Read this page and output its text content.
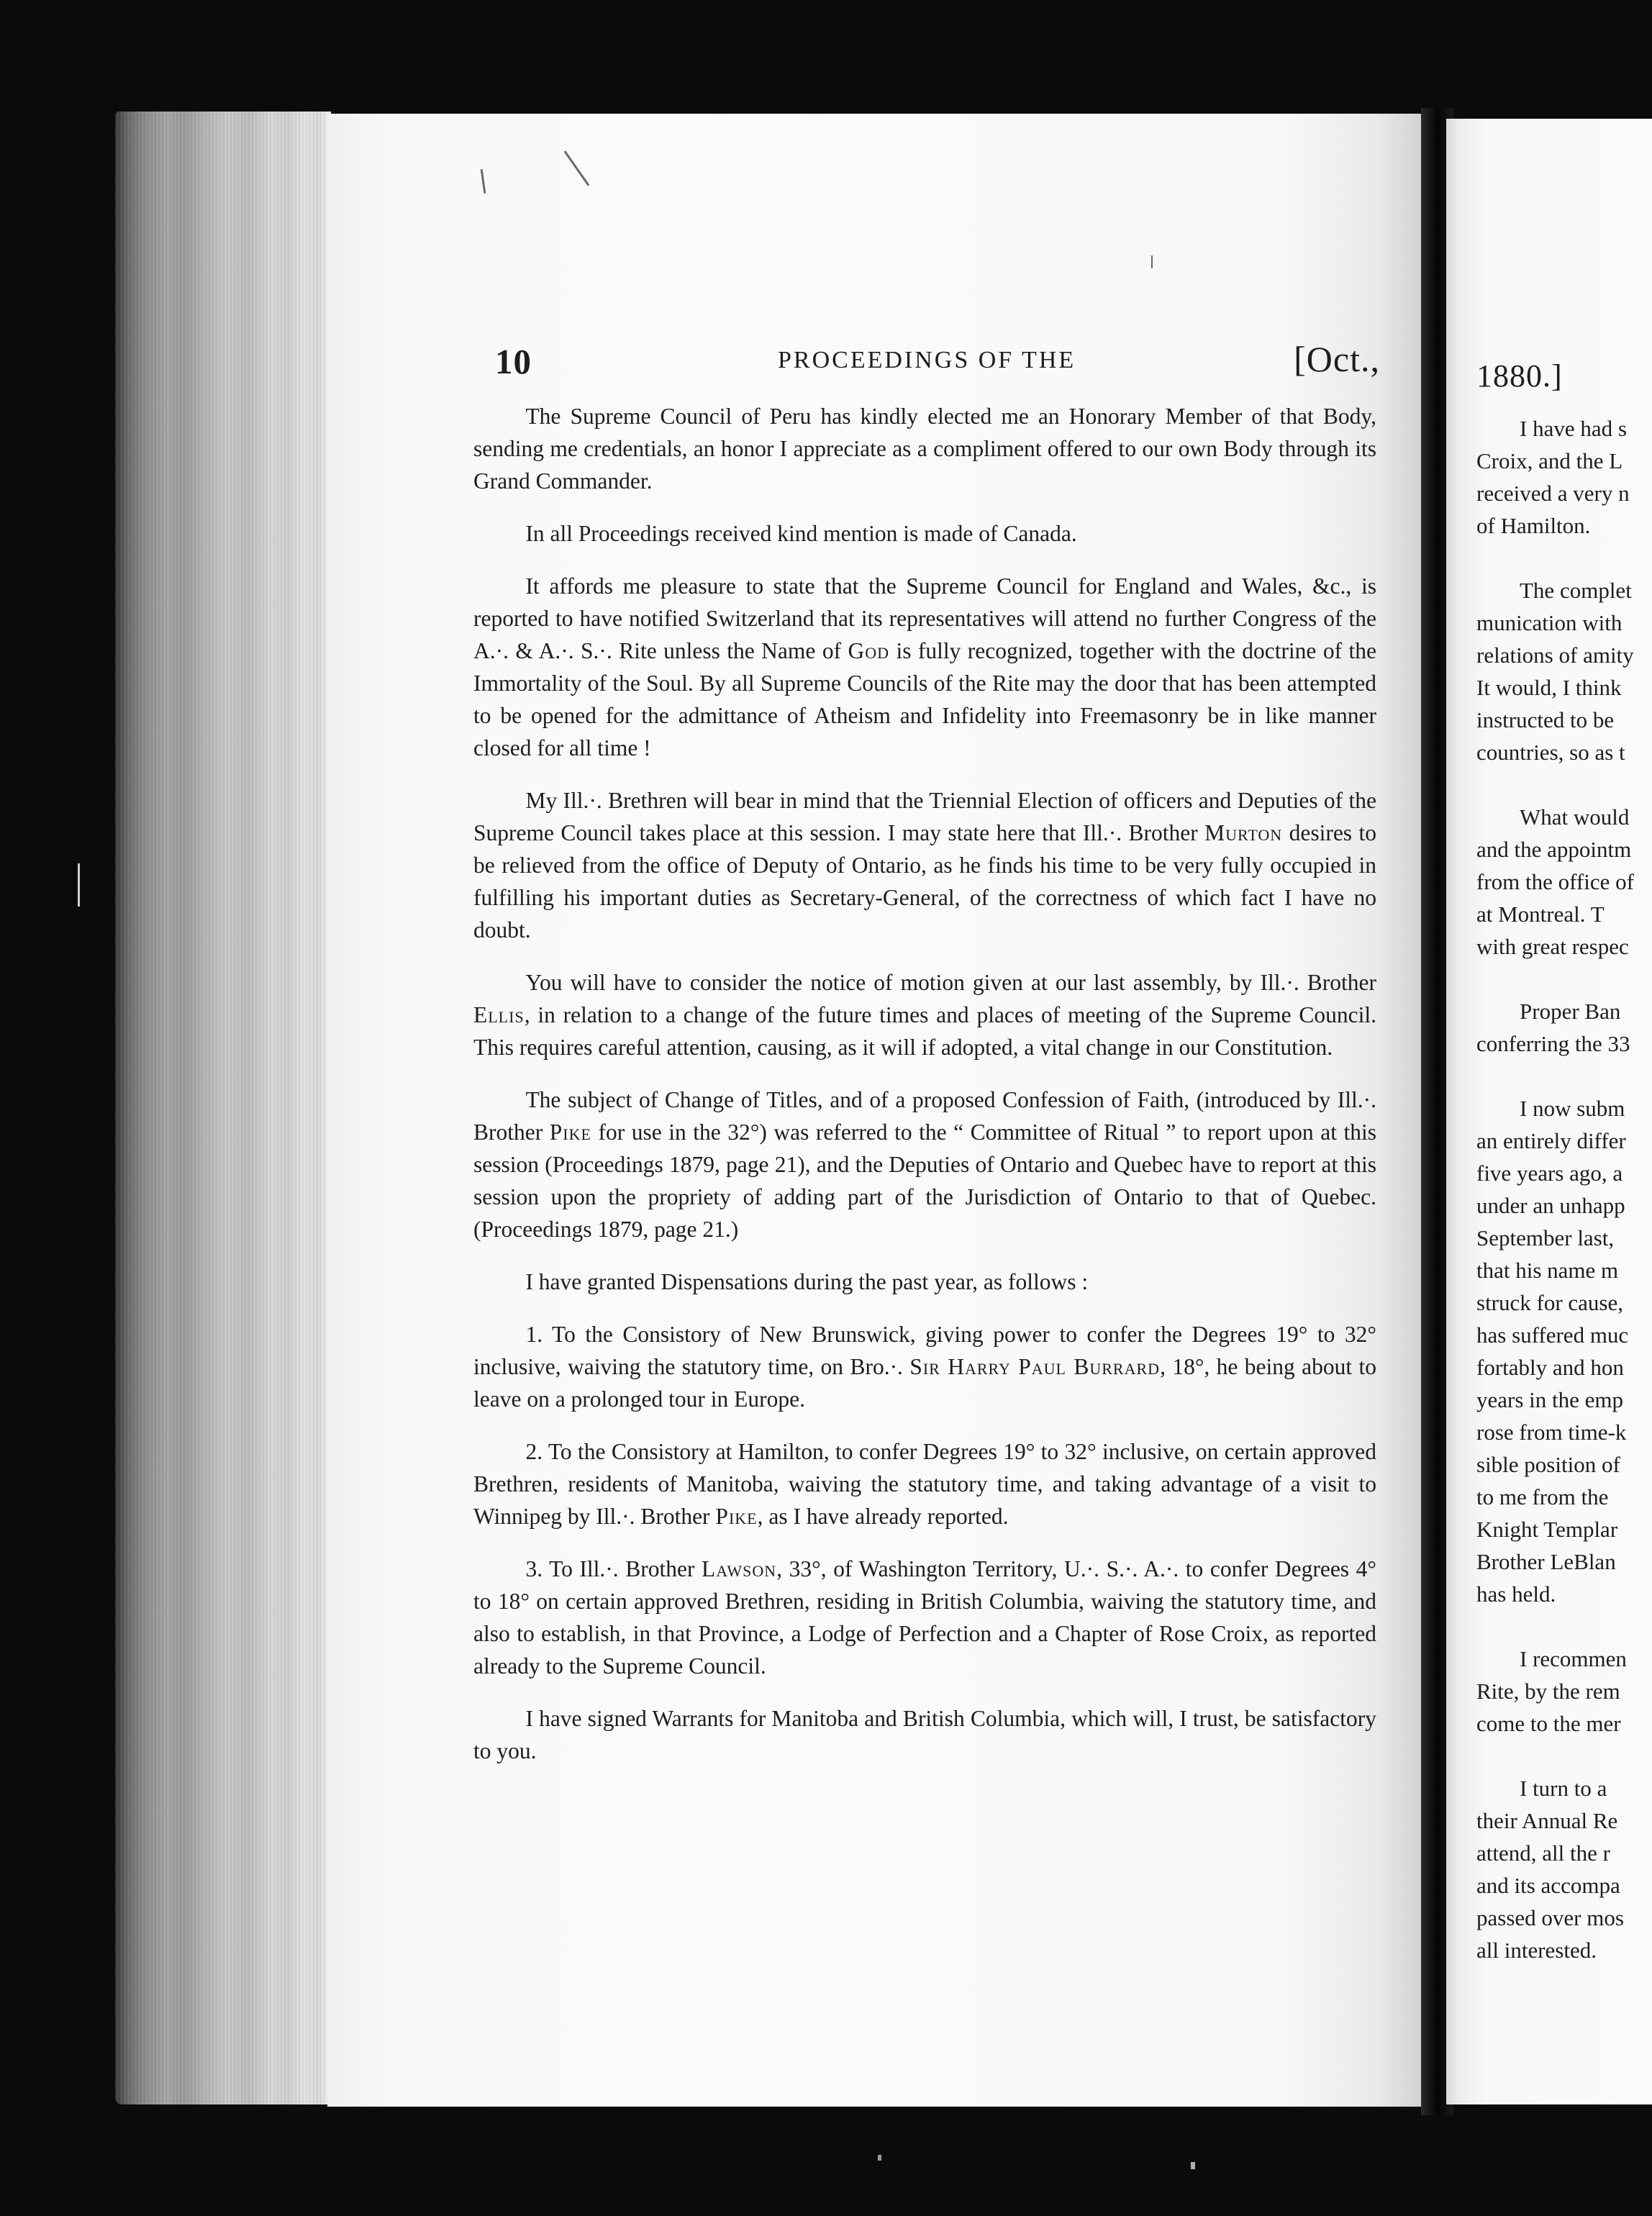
10	PROCEEDINGS OF THE	[Oct.,

The Supreme Council of Peru has kindly elected me an Honorary Member of that Body, sending me credentials, an honor I appreciate as a compliment offered to our own Body through its Grand Commander.

In all Proceedings received kind mention is made of Canada.

It affords me pleasure to state that the Supreme Council for England and Wales, &c., is reported to have notified Switzerland that its representatives will attend no further Congress of the A.·. & A.·. S.·. Rite unless the Name of God is fully recognized, together with the doctrine of the Immortality of the Soul. By all Supreme Councils of the Rite may the door that has been attempted to be opened for the admittance of Atheism and Infidelity into Freemasonry be in like manner closed for all time !

My Ill.·. Brethren will bear in mind that the Triennial Election of officers and Deputies of the Supreme Council takes place at this session. I may state here that Ill.·. Brother Murton desires to be relieved from the office of Deputy of Ontario, as he finds his time to be very fully occupied in fulfilling his important duties as Secretary-General, of the correctness of which fact I have no doubt.

You will have to consider the notice of motion given at our last assembly, by Ill.·. Brother Ellis, in relation to a change of the future times and places of meeting of the Supreme Council. This requires careful attention, causing, as it will if adopted, a vital change in our Constitution.

The subject of Change of Titles, and of a proposed Confession of Faith, (introduced by Ill.·. Brother Pike for use in the 32°) was referred to the “ Committee of Ritual ” to report upon at this session (Proceedings 1879, page 21), and the Deputies of Ontario and Quebec have to report at this session upon the propriety of adding part of the Jurisdiction of Ontario to that of Quebec. (Proceedings 1879, page 21.)

I have granted Dispensations during the past year, as follows :

1. To the Consistory of New Brunswick, giving power to confer the Degrees 19° to 32° inclusive, waiving the statutory time, on Bro.·. Sir Harry Paul Burrard, 18°, he being about to leave on a prolonged tour in Europe.

2. To the Consistory at Hamilton, to confer Degrees 19° to 32° inclusive, on certain approved Brethren, residents of Manitoba, waiving the statutory time, and taking advantage of a visit to Winnipeg by Ill.·. Brother Pike, as I have already reported.

3. To Ill.·. Brother Lawson, 33°, of Washington Territory, U.·. S.·. A.·. to confer Degrees 4° to 18° on certain approved Brethren, residing in British Columbia, waiving the statutory time, and also to establish, in that Province, a Lodge of Perfection and a Chapter of Rose Croix, as reported already to the Supreme Council.

I have signed Warrants for Manitoba and British Columbia, which will, I trust, be satisfactory to you.

1880.]
I have had s
Croix, and the L
received a very n
of Hamilton.
The complet
munication with
relations of amity
It would, I think
instructed to be
countries, so as t
What would
and the appointm
from the office of
at Montreal. T
with great respec
Proper Ban
conferring the 33
I now subm
an entirely differ
five years ago, a
under an unhapp
September last,
that his name m
struck for cause,
has suffered muc
fortably and hon
years in the emp
rose from time-k
sible position of
to me from the
Knight Templar
Brother LeBlan
has held.
I recommen
Rite, by the rem
come to the mer
I turn to a
their Annual Re
attend, all the r
and its accompa
passed over mos
all interested.
